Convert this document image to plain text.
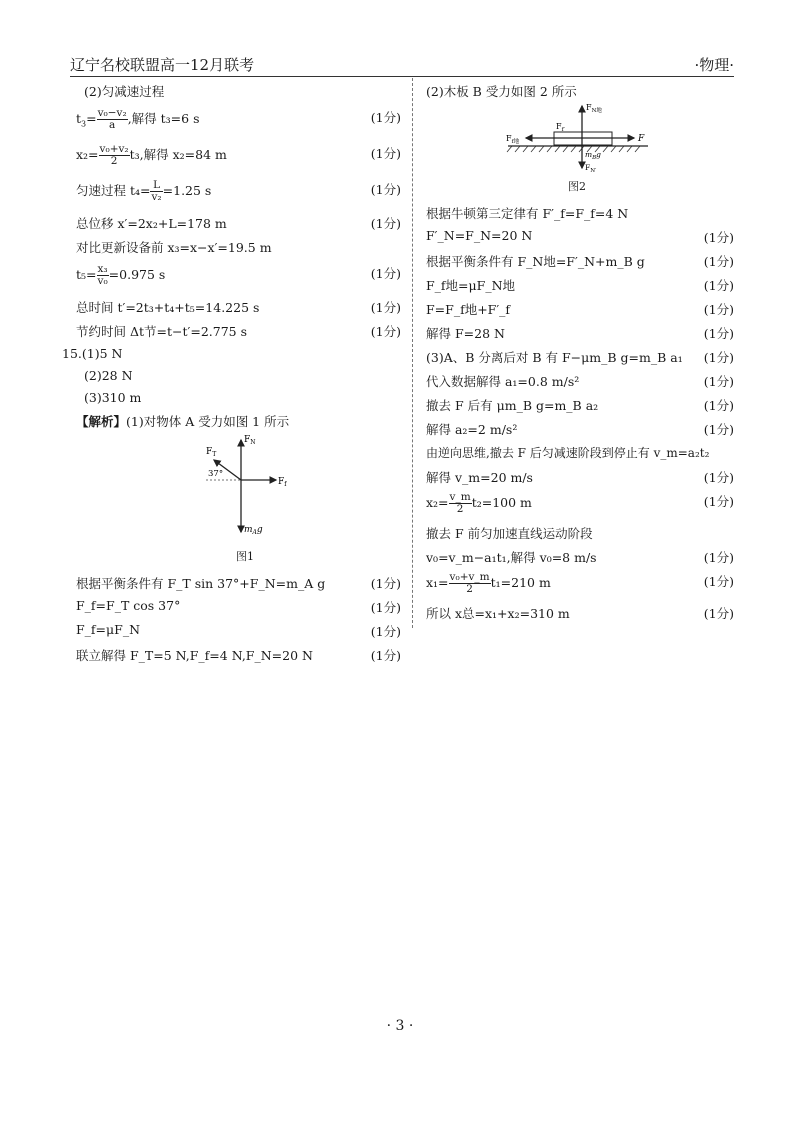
辽宁名校联盟高一12月联考	·物理·
(2)匀减速过程
$t_3= \frac{\text{v₀−v₂}}{a}$ ,解得 t₃=6 s	(1分)
$x_2= \frac{\text{v₀+v₂}}{2} t_3$,解得 x₂=84 m	(1分)
匀速过程 $t_4= \frac{L}{\text{v₂}} =1.25$ s	(1分)
总位移 x′=2x₂+L=178 m	(1分)
对比更新设备前 x₃=x−x′=19.5 m
$t_5= \frac{\text{x₃}}{\text{v₀}} =0.975$ s	(1分)
总时间 t′=2t₃+t₄+t₅=14.225 s	(1分)
节约时间 Δt节=t−t′=2.775 s	(1分)
15.(1)5 N
(2)28 N
(3)310 m
【解析】(1)对物体 A 受力如图 1 所示
$F_T$
$F_N$
$F_f$
37°
$m_Ag$
图1
根据平衡条件有 F_T sin 37°+F_N=m_A g	(1分)
F_f=F_T cos 37°	(1分)
F_f=μF_N	(1分)
联立解得 F_T=5 N,F_f=4 N,F_N=20 N	(1分)
(2)木板 B 受力如图 2 所示
$F_{N地}$
$F_{f'}$
$F_{f地}$	F
$m_Bg$
$F_{N'}$
图2
根据牛顿第三定律有 F′_f=F_f=4 N
F′_N=F_N=20 N	(1分)
根据平衡条件有 F_N地=F′_N+m_B g	(1分)
F_f地=μF_N地	(1分)
F=F_f地+F′_f	(1分)
解得 F=28 N	(1分)
(3)A、B 分离后对 B 有 F−μm_B g=m_B a₁ (1分)
代入数据解得 a₁=0.8 m/s²	(1分)
撤去 F 后有 μm_B g=m_B a₂	(1分)
解得 a₂=2 m/s²	(1分)
由逆向思维,撤去 F 后匀减速阶段到停止有 v_m=a₂t₂
解得 v_m=20 m/s	(1分)
$x_2= \frac{v\_m}{2} t_2=100$ m	(1分)
撤去 F 前匀加速直线运动阶段
v₀=v_m−a₁t₁,解得 v₀=8 m/s	(1分)
$x_1= \frac{\text{v₀+v\_m}}{2} t_1=210$ m	(1分)
所以 x总=x₁+x₂=310 m	(1分)
· 3 ·
